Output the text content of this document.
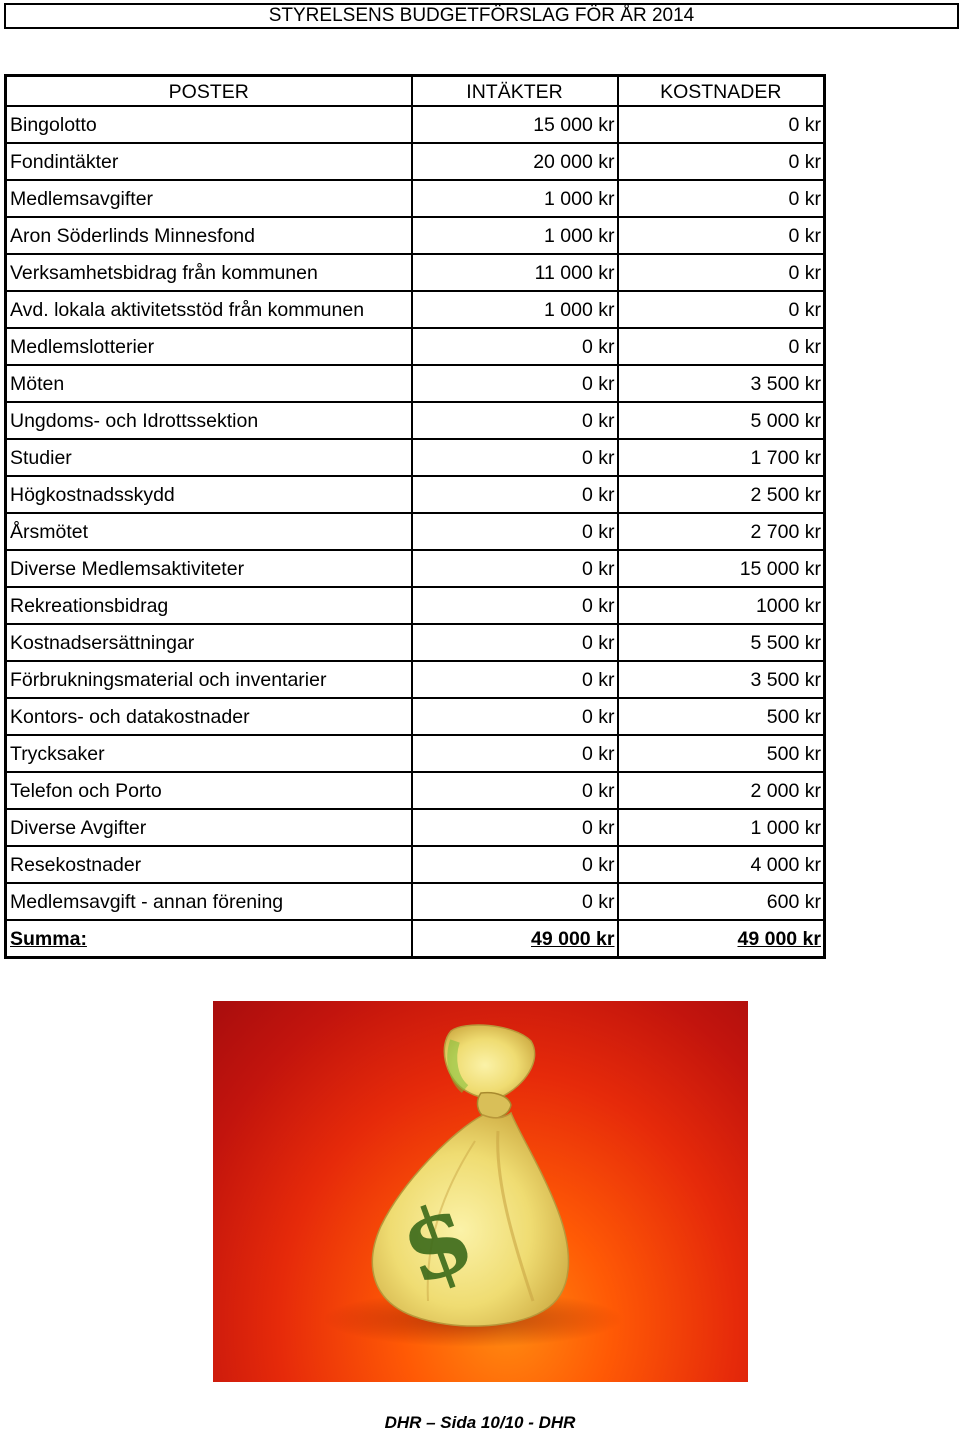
STYRELSENS BUDGETFÖRSLAG FÖR ÅR 2014
POSTER	INTÄKTER	KOSTNADER
Bingolotto	15 000 kr	0 kr
Fondintäkter	20 000 kr	0 kr
Medlemsavgifter	1 000 kr	0 kr
Aron Söderlinds Minnesfond	1 000 kr	0 kr
Verksamhetsbidrag från kommunen	11 000 kr	0 kr
Avd. lokala aktivitetsstöd från kommunen	1 000 kr	0 kr
Medlemslotterier	0 kr	0 kr
Möten	0 kr	3 500 kr
Ungdoms- och Idrottssektion	0 kr	5 000 kr
Studier	0 kr	1 700 kr
Högkostnadsskydd	0 kr	2 500 kr
Årsmötet	0 kr	2 700 kr
Diverse Medlemsaktiviteter	0 kr	15 000 kr
Rekreationsbidrag	0 kr	1000 kr
Kostnadsersättningar	0 kr	5 500 kr
Förbrukningsmaterial och inventarier	0 kr	3 500 kr
Kontors- och datakostnader	0 kr	500 kr
Trycksaker	0 kr	500 kr
Telefon och Porto	0 kr	2 000 kr
Diverse Avgifter	0 kr	1 000 kr
Resekostnader	0 kr	4 000 kr
Medlemsavgift - annan förening	0 kr	600 kr
Summa:	49 000 kr	49 000 kr
$
DHR – Sida 10/10 - DHR
